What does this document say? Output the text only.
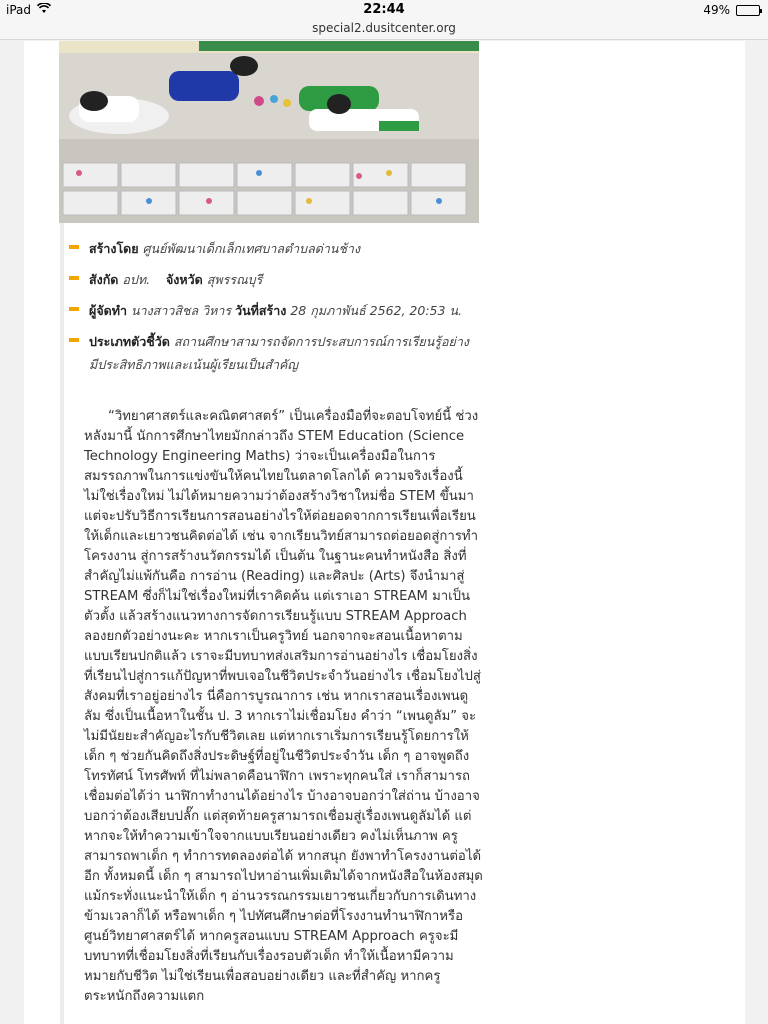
iPad	22:44	49%
special2.dusitcenter.org
สร้างโดย ศูนย์พัฒนาเด็กเล็กเทศบาลตำบลด่านช้าง
สังกัด อปท. จังหวัด สุพรรณบุรี
ผู้จัดทำ นางสาวสิชล วิหาร วันที่สร้าง 28 กุมภาพันธ์ 2562, 20:53 น.
ประเภทตัวชี้วัด สถานศึกษาสามารถจัดการประสบการณ์การเรียนรู้อย่างมีประสิทธิภาพและเน้นผู้เรียนเป็นสำคัญ

“วิทยาศาสตร์และคณิตศาสตร์” เป็นเครื่องมือที่จะตอบโจทย์นี้ ช่วงหลังมานี้ นักการศึกษาไทยมักกล่าวถึง STEM Education (Science Technology Engineering Maths) ว่าจะเป็นเครื่องมือในการสมรรถภาพในการแข่งขันให้คนไทยในตลาดโลกได้ ความจริงเรื่องนี้ไม่ใช่เรื่องใหม่ ไม่ได้หมายความว่าต้องสร้างวิชาใหม่ชื่อ STEM ขึ้นมา แต่จะปรับวิธีการเรียนการสอนอย่างไรให้ต่อยอดจากการเรียนเพื่อเรียน ให้เด็กและเยาวชนคิดต่อได้ เช่น จากเรียนวิทย์สามารถต่อยอดสู่การทำโครงงาน สู่การสร้างนวัตกรรมได้ เป็นต้น ในฐานะคนทำหนังสือ สิ่งที่สำคัญไม่แพ้กันคือ การอ่าน (Reading) และศิลปะ (Arts) จึงนำมาสู่ STREAM ซึ่งก็ไม่ใช่เรื่องใหม่ที่เราคิดค้น แต่เราเอา STREAM มาเป็นตัวตั้ง แล้วสร้างแนวทางการจัดการเรียนรู้แบบ STREAM Approach ลองยกตัวอย่างนะคะ หากเราเป็นครูวิทย์ นอกจากจะสอนเนื้อหาตามแบบเรียนปกติแล้ว เราจะมีบทบาทส่งเสริมการอ่านอย่างไร เชื่อมโยงสิ่งที่เรียนไปสู่การแก้ปัญหาที่พบเจอในชีวิตประจำวันอย่างไร เชื่อมโยงไปสู่สังคมที่เราอยู่อย่างไร นี่คือการบูรณาการ เช่น หากเราสอนเรื่องเพนดูลัม ซึ่งเป็นเนื้อหาในชั้น ป. 3 หากเราไม่เชื่อมโยง คำว่า “เพนดูลัม” จะไม่มีนัยยะสำคัญอะไรกับชีวิตเลย แต่หากเราเริ่มการเรียนรู้โดยการให้เด็ก ๆ ช่วยกันคิดถึงสิ่งประดิษฐ์ที่อยู่ในชีวิตประจำวัน เด็ก ๆ อาจพูดถึงโทรทัศน์ โทรศัพท์ ที่ไม่พลาดคือนาฬิกา เพราะทุกคนใส่ เราก็สามารถเชื่อมต่อได้ว่า นาฬิกาทำงานได้อย่างไร บ้างอาจบอกว่าใส่ถ่าน บ้างอาจบอกว่าต้องเสียบปลั๊ก แต่สุดท้ายครูสามารถเชื่อมสู่เรื่องเพนดูลัมได้ แต่หากจะให้ทำความเข้าใจจากแบบเรียนอย่างเดียว คงไม่เห็นภาพ ครูสามารถพาเด็ก ๆ ทำการทดลองต่อได้ หากสนุก ยังพาทำโครงงานต่อได้อีก ทั้งหมดนี้ เด็ก ๆ สามารถไปหาอ่านเพิ่มเติมได้จากหนังสือในห้องสมุด แม้กระทั่งแนะนำให้เด็ก ๆ อ่านวรรณกรรมเยาวชนเกี่ยวกับการเดินทางข้ามเวลาก็ได้ หรือพาเด็ก ๆ ไปทัศนศึกษาต่อที่โรงงานทำนาฬิกาหรือศูนย์วิทยาศาสตร์ได้ หากครูสอนแบบ STREAM Approach ครูจะมีบทบาทที่เชื่อมโยงสิ่งที่เรียนกับเรื่องรอบตัวเด็ก ทำให้เนื้อหามีความหมายกับชีวิต ไม่ใช่เรียนเพื่อสอบอย่างเดียว และที่สำคัญ หากครูตระหนักถึงความแตก
